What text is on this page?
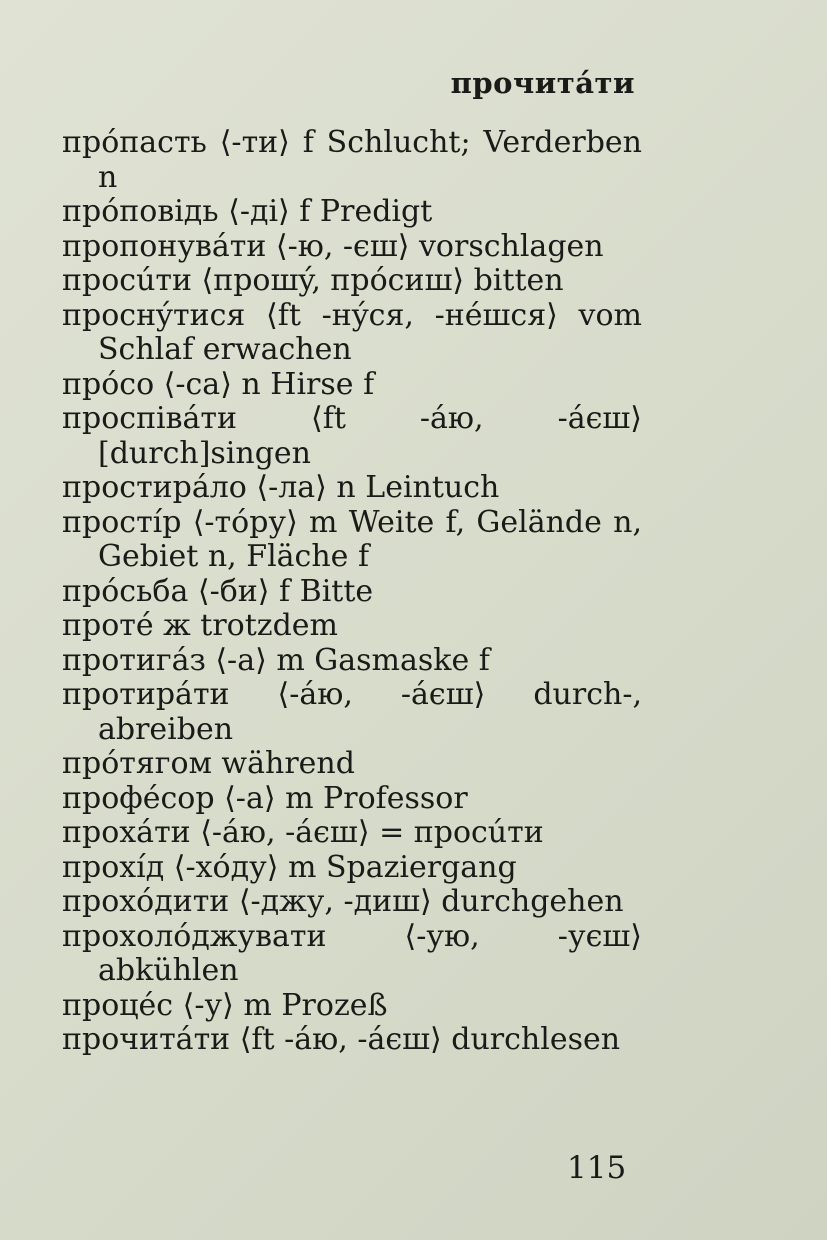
прочитáти
прóпасть ⟨-ти⟩ f Schlucht; Verderben n
прóповідь ⟨-ді⟩ f Predigt
пропонувáти ⟨-ю, -єш⟩ vorschlagen
просúти ⟨прошý, прóсиш⟩ bitten
проснýтися ⟨ft -нýся, -нéшся⟩ vom Schlaf erwachen
прóсо ⟨-са⟩ n Hirse f
проспівáти ⟨ft -áю, -áєш⟩ [durch]singen
простирáло ⟨-ла⟩ n Leintuch
простíр ⟨-тóру⟩ m Weite f, Gelände n, Gebiet n, Fläche f
прóсьба ⟨-би⟩ f Bitte
протé ж trotzdem
протигáз ⟨-а⟩ m Gasmaske f
протирáти ⟨-áю, -áєш⟩ durch-, abreiben
прóтягом während
профéсор ⟨-а⟩ m Professor
прохáти ⟨-áю, -áєш⟩ = просúти
прохíд ⟨-хóду⟩ m Spaziergang
прохóдити ⟨-джу, -диш⟩ durchgehen
прохолóджувати ⟨-ую, -уєш⟩ abkühlen
процéс ⟨-у⟩ m Prozeß
прочитáти ⟨ft -áю, -áєш⟩ durchlesen
115
